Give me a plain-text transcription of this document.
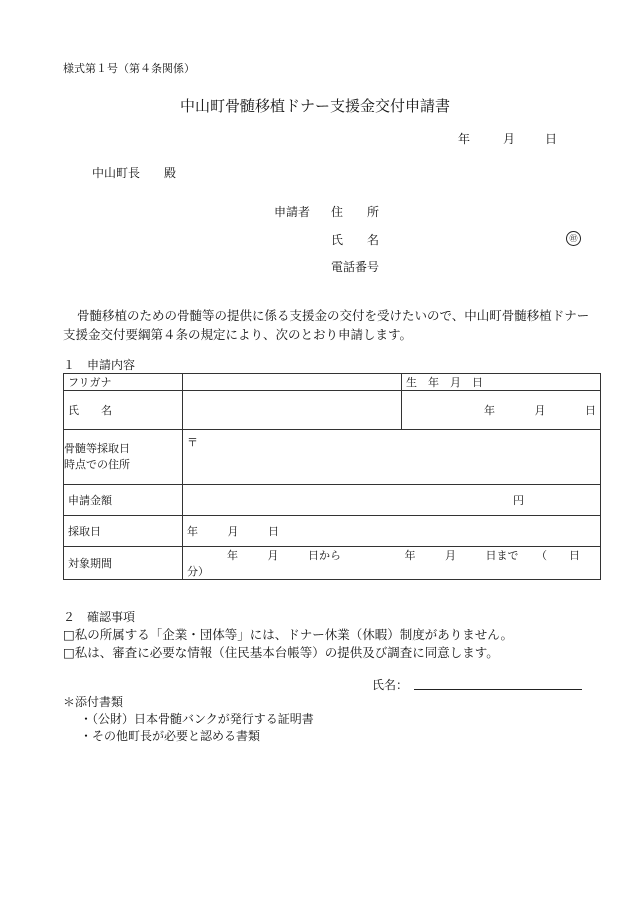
様式第１号（第４条関係）
中山町骨髄移植ドナー支援金交付申請書
年	月 日
中山町長　　殿
申請者 住　　所
氏　　名	㊞
電話番号
骨髄移植のための骨髄等の提供に係る支援金の交付を受けたいので、中山町骨髄移植ドナー支援金交付要綱第４条の規定により、次のとおり申請します。
１　申請内容
フリガナ		生　年　月　日
氏　　名		年 月 日

骨髄等採取日
時点での住所	〒	
申請金額	円	
採取日	年 月 日	
対象期間	年 月 日から 年 月 日まで （　　日分）	
２　確認事項
□私の所属する「企業・団体等」には、ドナー休業（休暇）制度がありません。
□私は、審査に必要な情報（住民基本台帳等）の提供及び調査に同意します。
氏名：
＊添付書類
・（公財）日本骨髄バンクが発行する証明書
・その他町長が必要と認める書類
